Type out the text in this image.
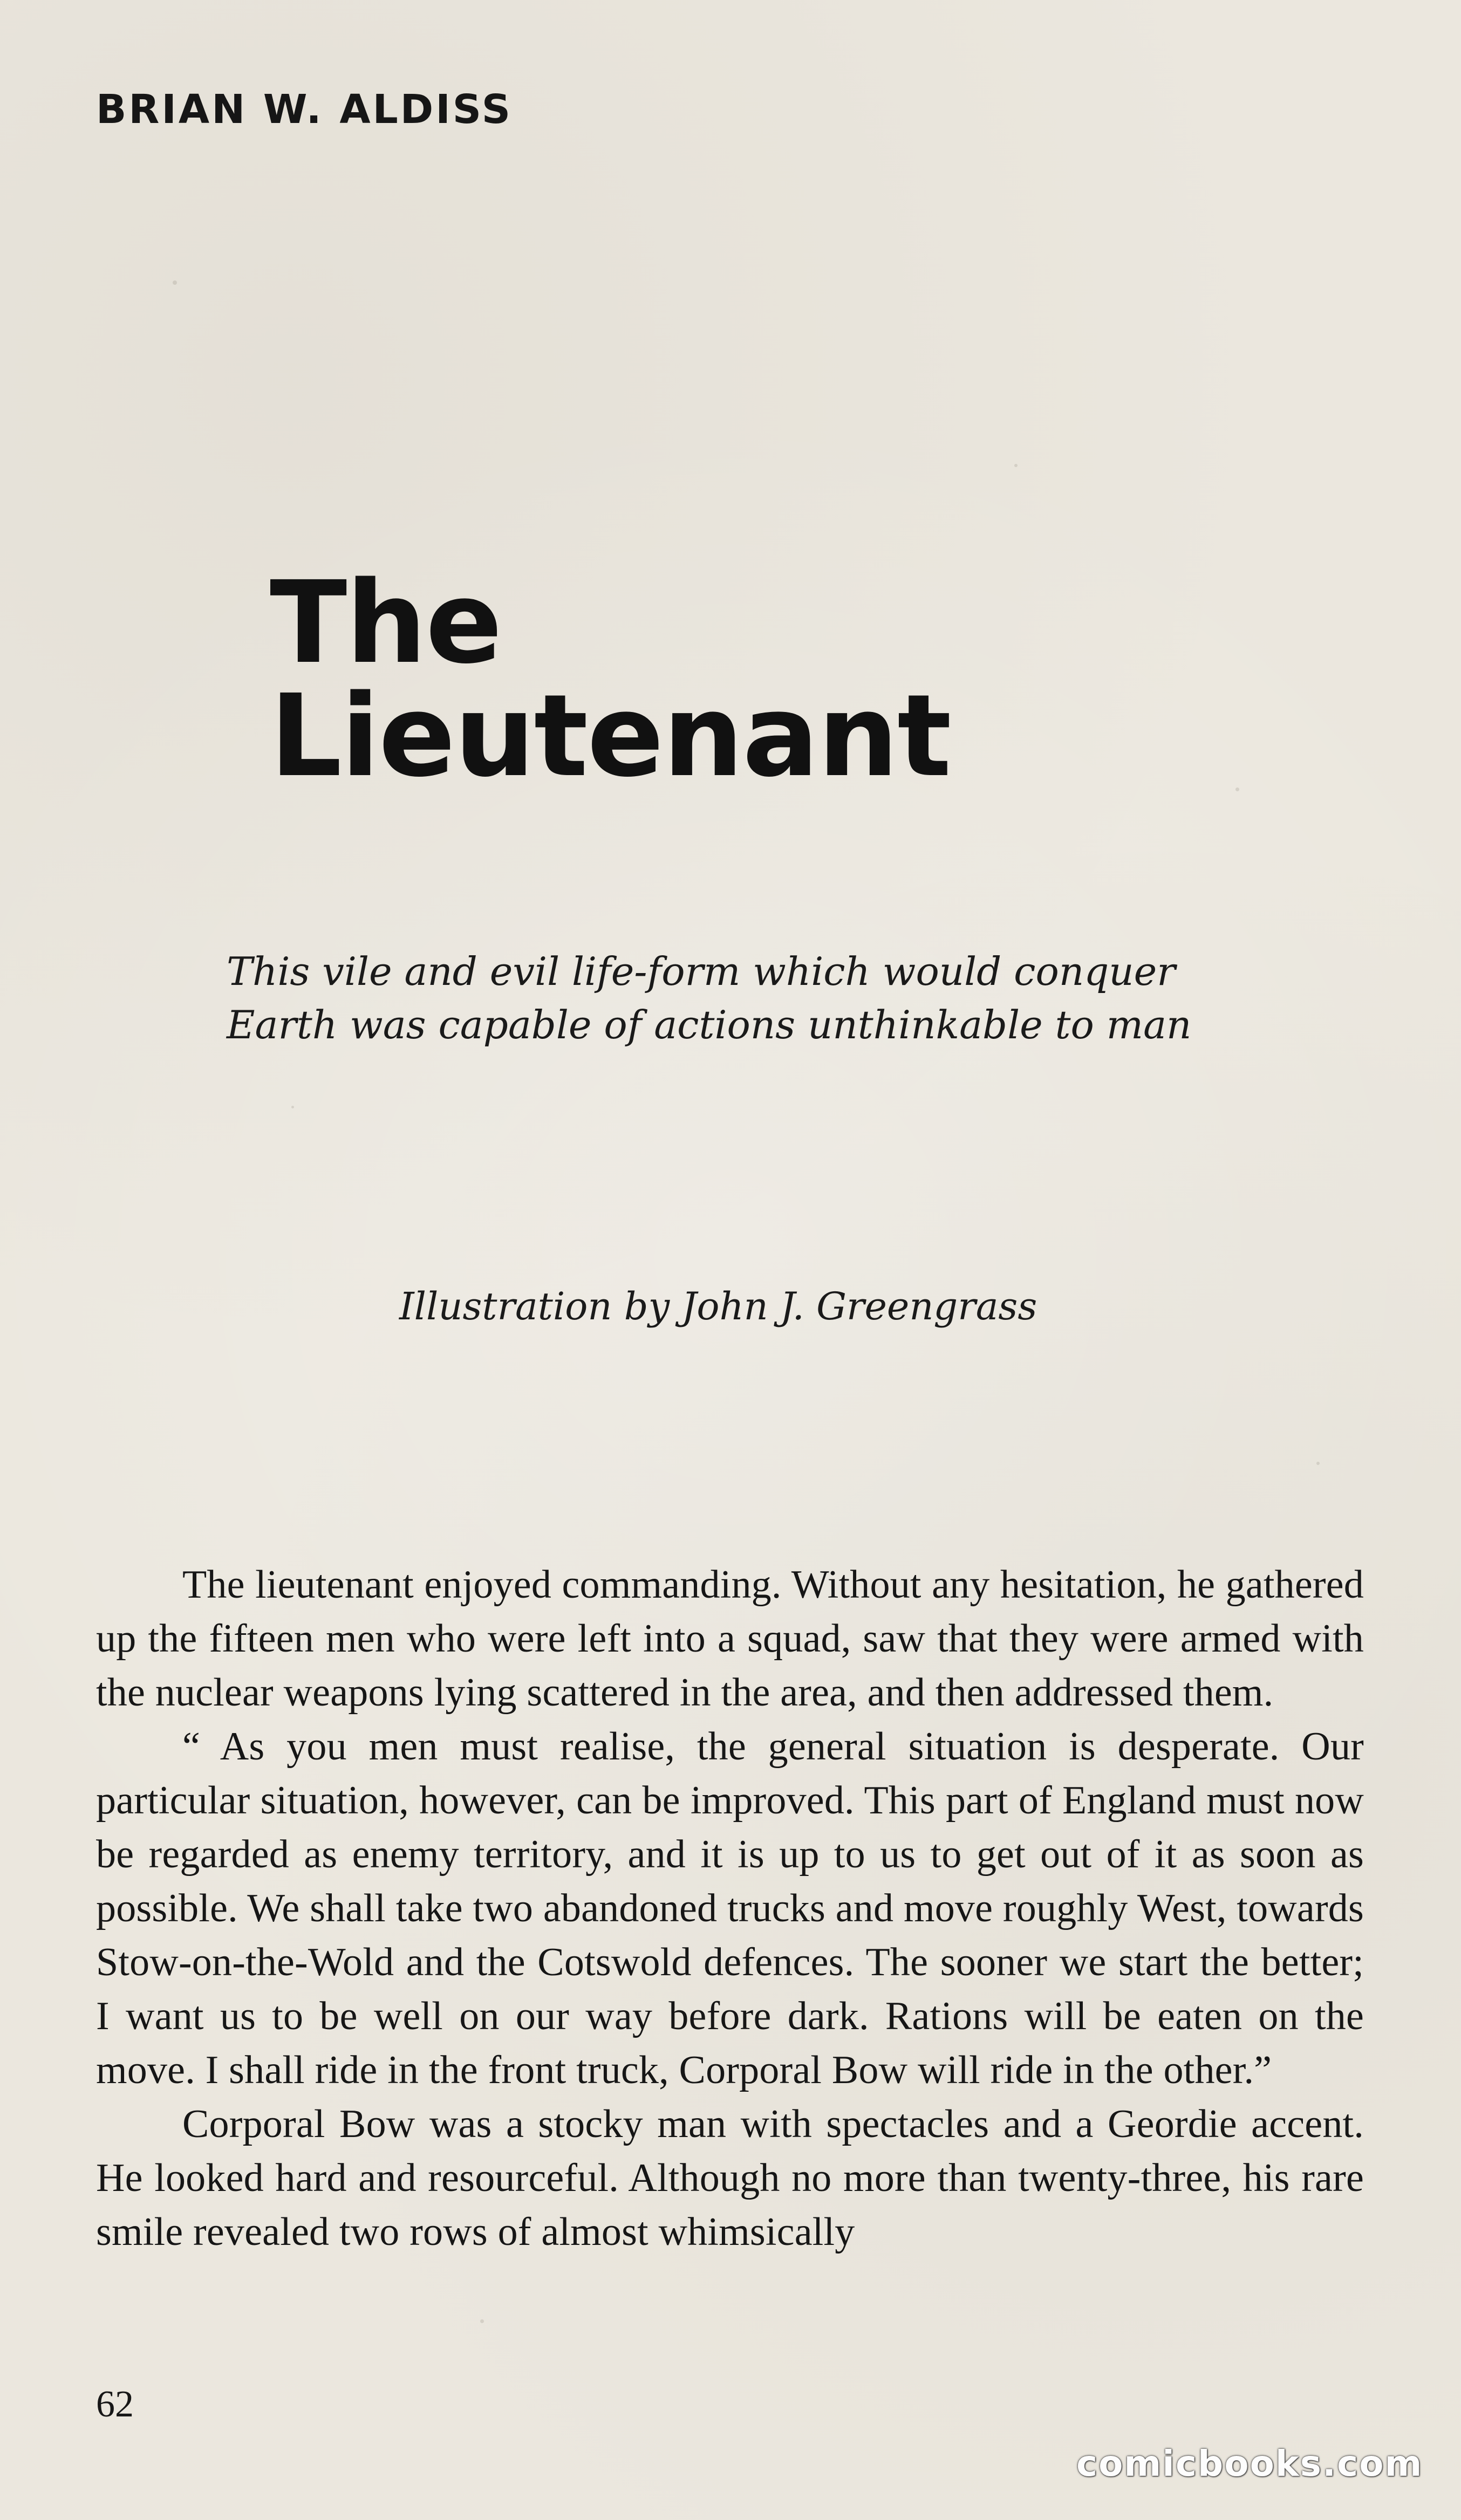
BRIAN W. ALDISS
The Lieutenant
This vile and evil life-form which would conquer
Earth was capable of actions unthinkable to man
Illustration by John J. Greengrass

The lieutenant enjoyed commanding. Without any hesitation, he gathered up the fifteen men who were left into a squad, saw that they were armed with the nuclear weapons lying scattered in the area, and then addressed them.

“ As you men must realise, the general situation is desperate. Our particular situation, however, can be improved. This part of England must now be regarded as enemy territory, and it is up to us to get out of it as soon as possible. We shall take two abandoned trucks and move roughly West, towards Stow-on-the-Wold and the Cotswold defences. The sooner we start the better; I want us to be well on our way before dark. Rations will be eaten on the move. I shall ride in the front truck, Corporal Bow will ride in the other.”

Corporal Bow was a stocky man with spectacles and a Geordie accent. He looked hard and resourceful. Although no more than twenty-three, his rare smile revealed two rows of almost whimsically

62
comicbooks.com
